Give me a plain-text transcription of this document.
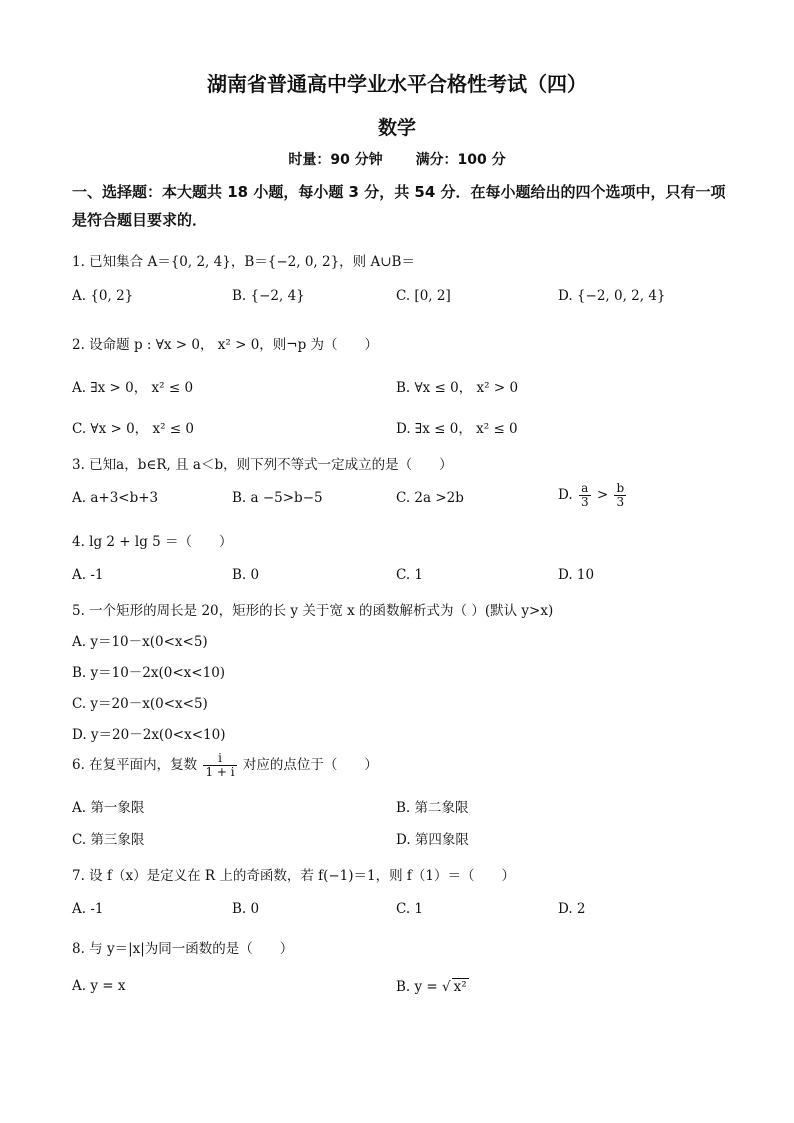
湖南省普通高中学业水平合格性考试（四）
数学
时量：90 分钟 满分：100 分
一、选择题：本大题共 18 小题，每小题 3 分，共 54 分．在每小题给出的四个选项中，只有一项是符合题目要求的．
1. 已知集合 A＝{0, 2, 4}，B＝{−2, 0, 2}，则 A∪B＝
A. {0, 2}	B. {−2, 4}	C. [0, 2]	D. {−2, 0, 2, 4}
2. 设命题 p : ∀x > 0， x² > 0，则¬p 为（　　）
A. ∃x > 0， x² ≤ 0	B. ∀x ≤ 0， x² > 0
C. ∀x > 0， x² ≤ 0	D. ∃x ≤ 0， x² ≤ 0
3. 已知a，b∈R, 且 a＜b，则下列不等式一定成立的是（　　）
A. a+3<b+3	B. a −5>b−5	C. 2a >2b	D. $\frac{a}{3} > \frac{b}{3}$
4. lg 2 + lg 5 ＝（　　）
A. -1	B. 0	C. 1	D. 10
5. 一个矩形的周长是 20，矩形的长 y 关于宽 x 的函数解析式为（ ）(默认 y>x)
A. y＝10－x(0<x<5)
B. y＝10－2x(0<x<10)
C. y＝20－x(0<x<5)
D. y＝20－2x(0<x<10)
6. 在复平面内，复数 $\frac{i}{1 + i}$ 对应的点位于（　　）
A. 第一象限	B. 第二象限
C. 第三象限	D. 第四象限
7. 设 f（x）是定义在 R 上的奇函数，若 f(−1)＝1，则 f（1）＝（　　）
A. -1	B. 0	C. 1	D. 2
8. 与 y＝|x|为同一函数的是（　　）
A. y = x	B. y = √ x²
